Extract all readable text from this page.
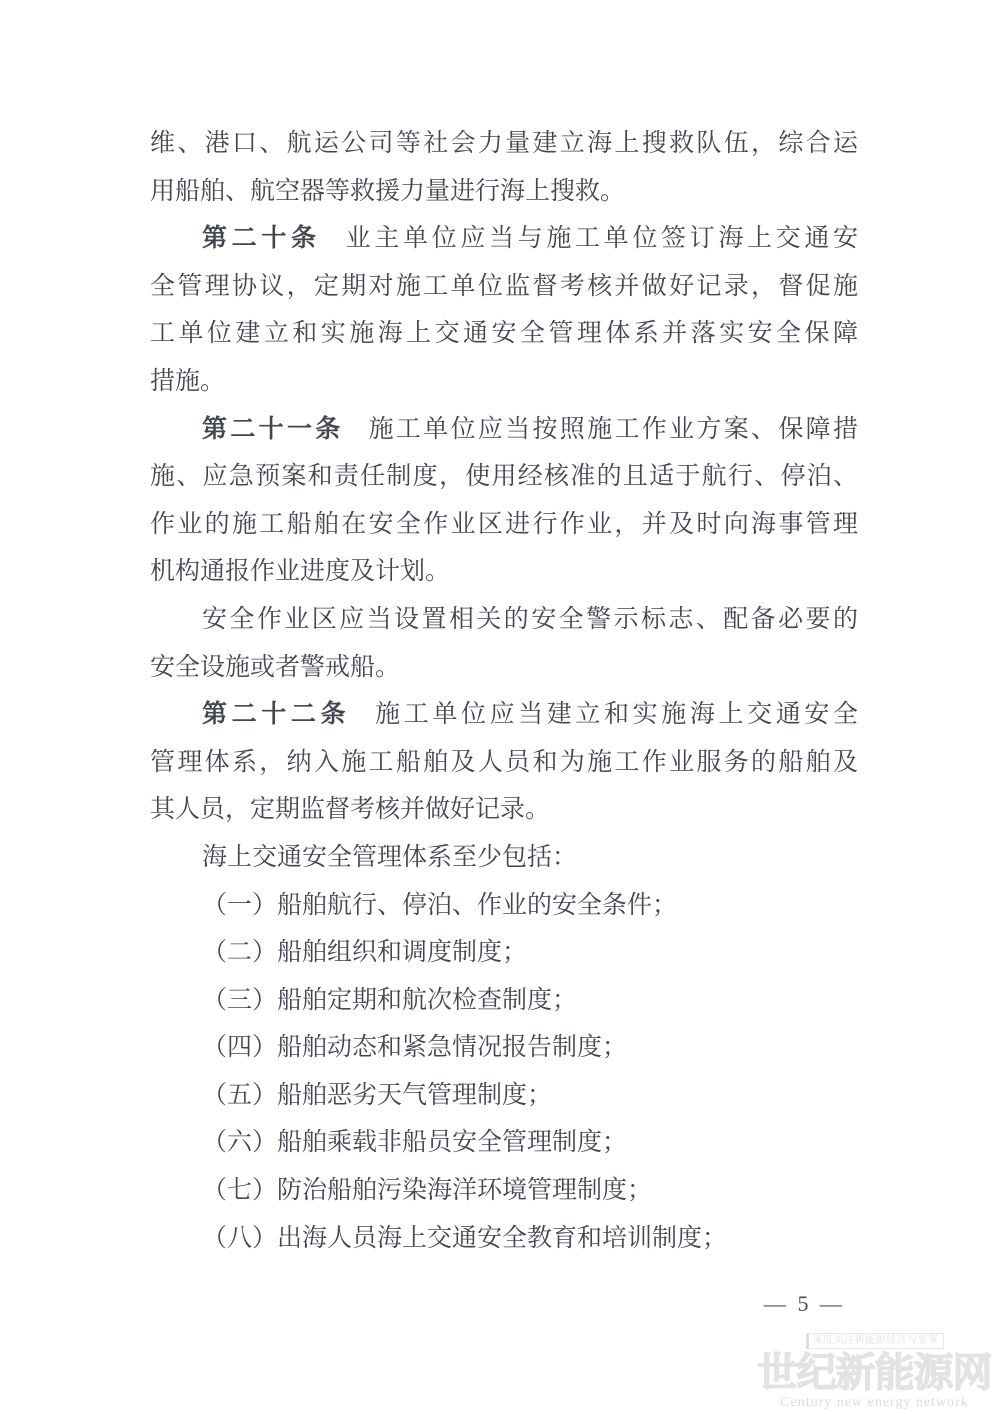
维、港口、航运公司等社会力量建立海上搜救队伍，综合运
用船舶、航空器等救援力量进行海上搜救。
第二十条 业主单位应当与施工单位签订海上交通安
全管理协议，定期对施工单位监督考核并做好记录，督促施
工单位建立和实施海上交通安全管理体系并落实安全保障
措施。
第二十一条 施工单位应当按照施工作业方案、保障措
施、应急预案和责任制度，使用经核准的且适于航行、停泊、
作业的施工船舶在安全作业区进行作业，并及时向海事管理
机构通报作业进度及计划。
安全作业区应当设置相关的安全警示标志、配备必要的
安全设施或者警戒船。
第二十二条 施工单位应当建立和实施海上交通安全
管理体系，纳入施工船舶及人员和为施工作业服务的船舶及
其人员，定期监督考核并做好记录。
海上交通安全管理体系至少包括：
（一）船舶航行、停泊、作业的安全条件；
（二）船舶组织和调度制度；
（三）船舶定期和航次检查制度；
（四）船舶动态和紧急情况报告制度；
（五）船舶恶劣天气管理制度；
（六）船舶乘载非船员安全管理制度；
（七）防治船舶污染海洋环境管理制度；
（八）出海人员海上交通安全教育和培训制度；
— 5 —
深度关注新能源经济与变革
世纪新能源网
Century new energy network
